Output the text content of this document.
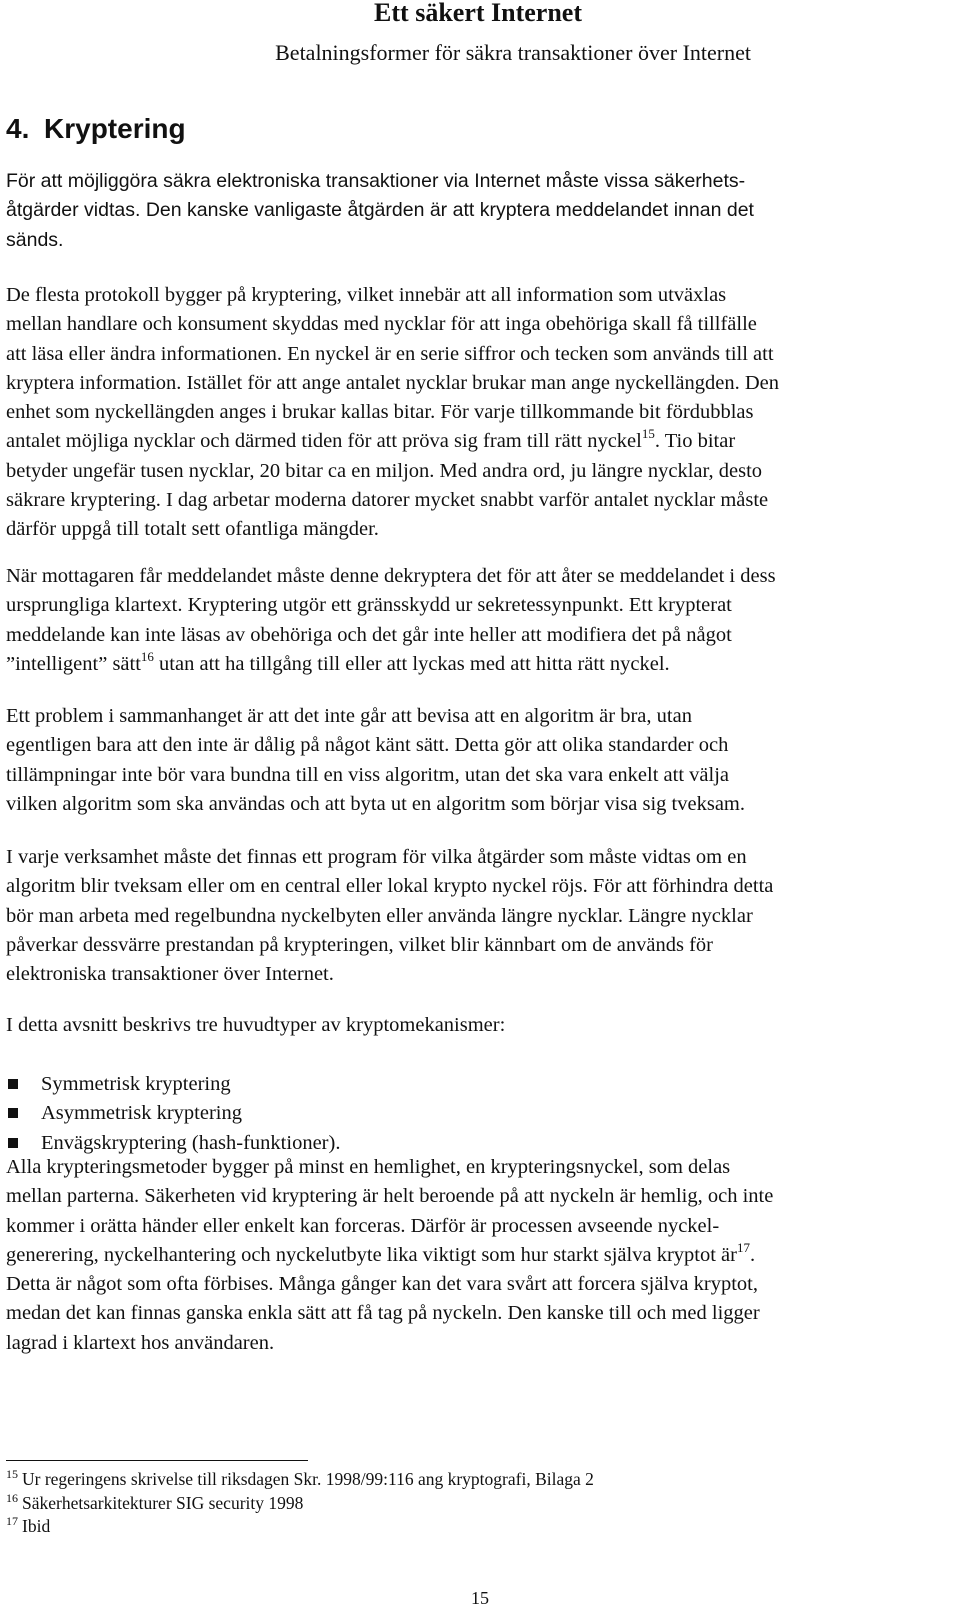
Ett säkert Internet
Betalningsformer för säkra transaktioner över Internet
4. Kryptering
För att möjliggöra säkra elektroniska transaktioner via Internet måste vissa säkerhets-
åtgärder vidtas. Den kanske vanligaste åtgärden är att kryptera meddelandet innan det
sänds.
De flesta protokoll bygger på kryptering, vilket innebär att all information som utväxlas
mellan handlare och konsument skyddas med nycklar för att inga obehöriga skall få tillfälle
att läsa eller ändra informationen. En nyckel är en serie siffror och tecken som används till att
kryptera information. Istället för att ange antalet nycklar brukar man ange nyckellängden. Den
enhet som nyckellängden anges i brukar kallas bitar. För varje tillkommande bit fördubblas
antalet möjliga nycklar och därmed tiden för att pröva sig fram till rätt nyckel$^{15}$. Tio bitar
betyder ungefär tusen nycklar, 20 bitar ca en miljon. Med andra ord, ju längre nycklar, desto
säkrare kryptering. I dag arbetar moderna datorer mycket snabbt varför antalet nycklar måste
därför uppgå till totalt sett ofantliga mängder.
När mottagaren får meddelandet måste denne dekryptera det för att åter se meddelandet i dess
ursprungliga klartext. Kryptering utgör ett gränsskydd ur sekretessynpunkt. Ett krypterat
meddelande kan inte läsas av obehöriga och det går inte heller att modifiera det på något
”intelligent” sätt$^{16}$ utan att ha tillgång till eller att lyckas med att hitta rätt nyckel.
Ett problem i sammanhanget är att det inte går att bevisa att en algoritm är bra, utan
egentligen bara att den inte är dålig på något känt sätt. Detta gör att olika standarder och
tillämpningar inte bör vara bundna till en viss algoritm, utan det ska vara enkelt att välja
vilken algoritm som ska användas och att byta ut en algoritm som börjar visa sig tveksam.
I varje verksamhet måste det finnas ett program för vilka åtgärder som måste vidtas om en
algoritm blir tveksam eller om en central eller lokal krypto nyckel röjs. För att förhindra detta
bör man arbeta med regelbundna nyckelbyten eller använda längre nycklar. Längre nycklar
påverkar dessvärre prestandan på krypteringen, vilket blir kännbart om de används för
elektroniska transaktioner över Internet.
I detta avsnitt beskrivs tre huvudtyper av kryptomekanismer:
Symmetrisk kryptering
Asymmetrisk kryptering
Envägskryptering (hash-funktioner).
Alla krypteringsmetoder bygger på minst en hemlighet, en krypteringsnyckel, som delas
mellan parterna. Säkerheten vid kryptering är helt beroende på att nyckeln är hemlig, och inte
kommer i orätta händer eller enkelt kan forceras. Därför är processen avseende nyckel-
generering, nyckelhantering och nyckelutbyte lika viktigt som hur starkt själva kryptot $är^{17}$.
Detta är något som ofta förbises. Många gånger kan det vara svårt att forcera själva kryptot,
medan det kan finnas ganska enkla sätt att få tag på nyckeln. Den kanske till och med ligger
lagrad i klartext hos användaren.
$^{15}$ Ur regeringens skrivelse till riksdagen Skr. 1998/99:116 ang kryptografi, Bilaga 2
$^{16}$ Säkerhetsarkitekturer SIG security 1998
$^{17}$ Ibid
15
